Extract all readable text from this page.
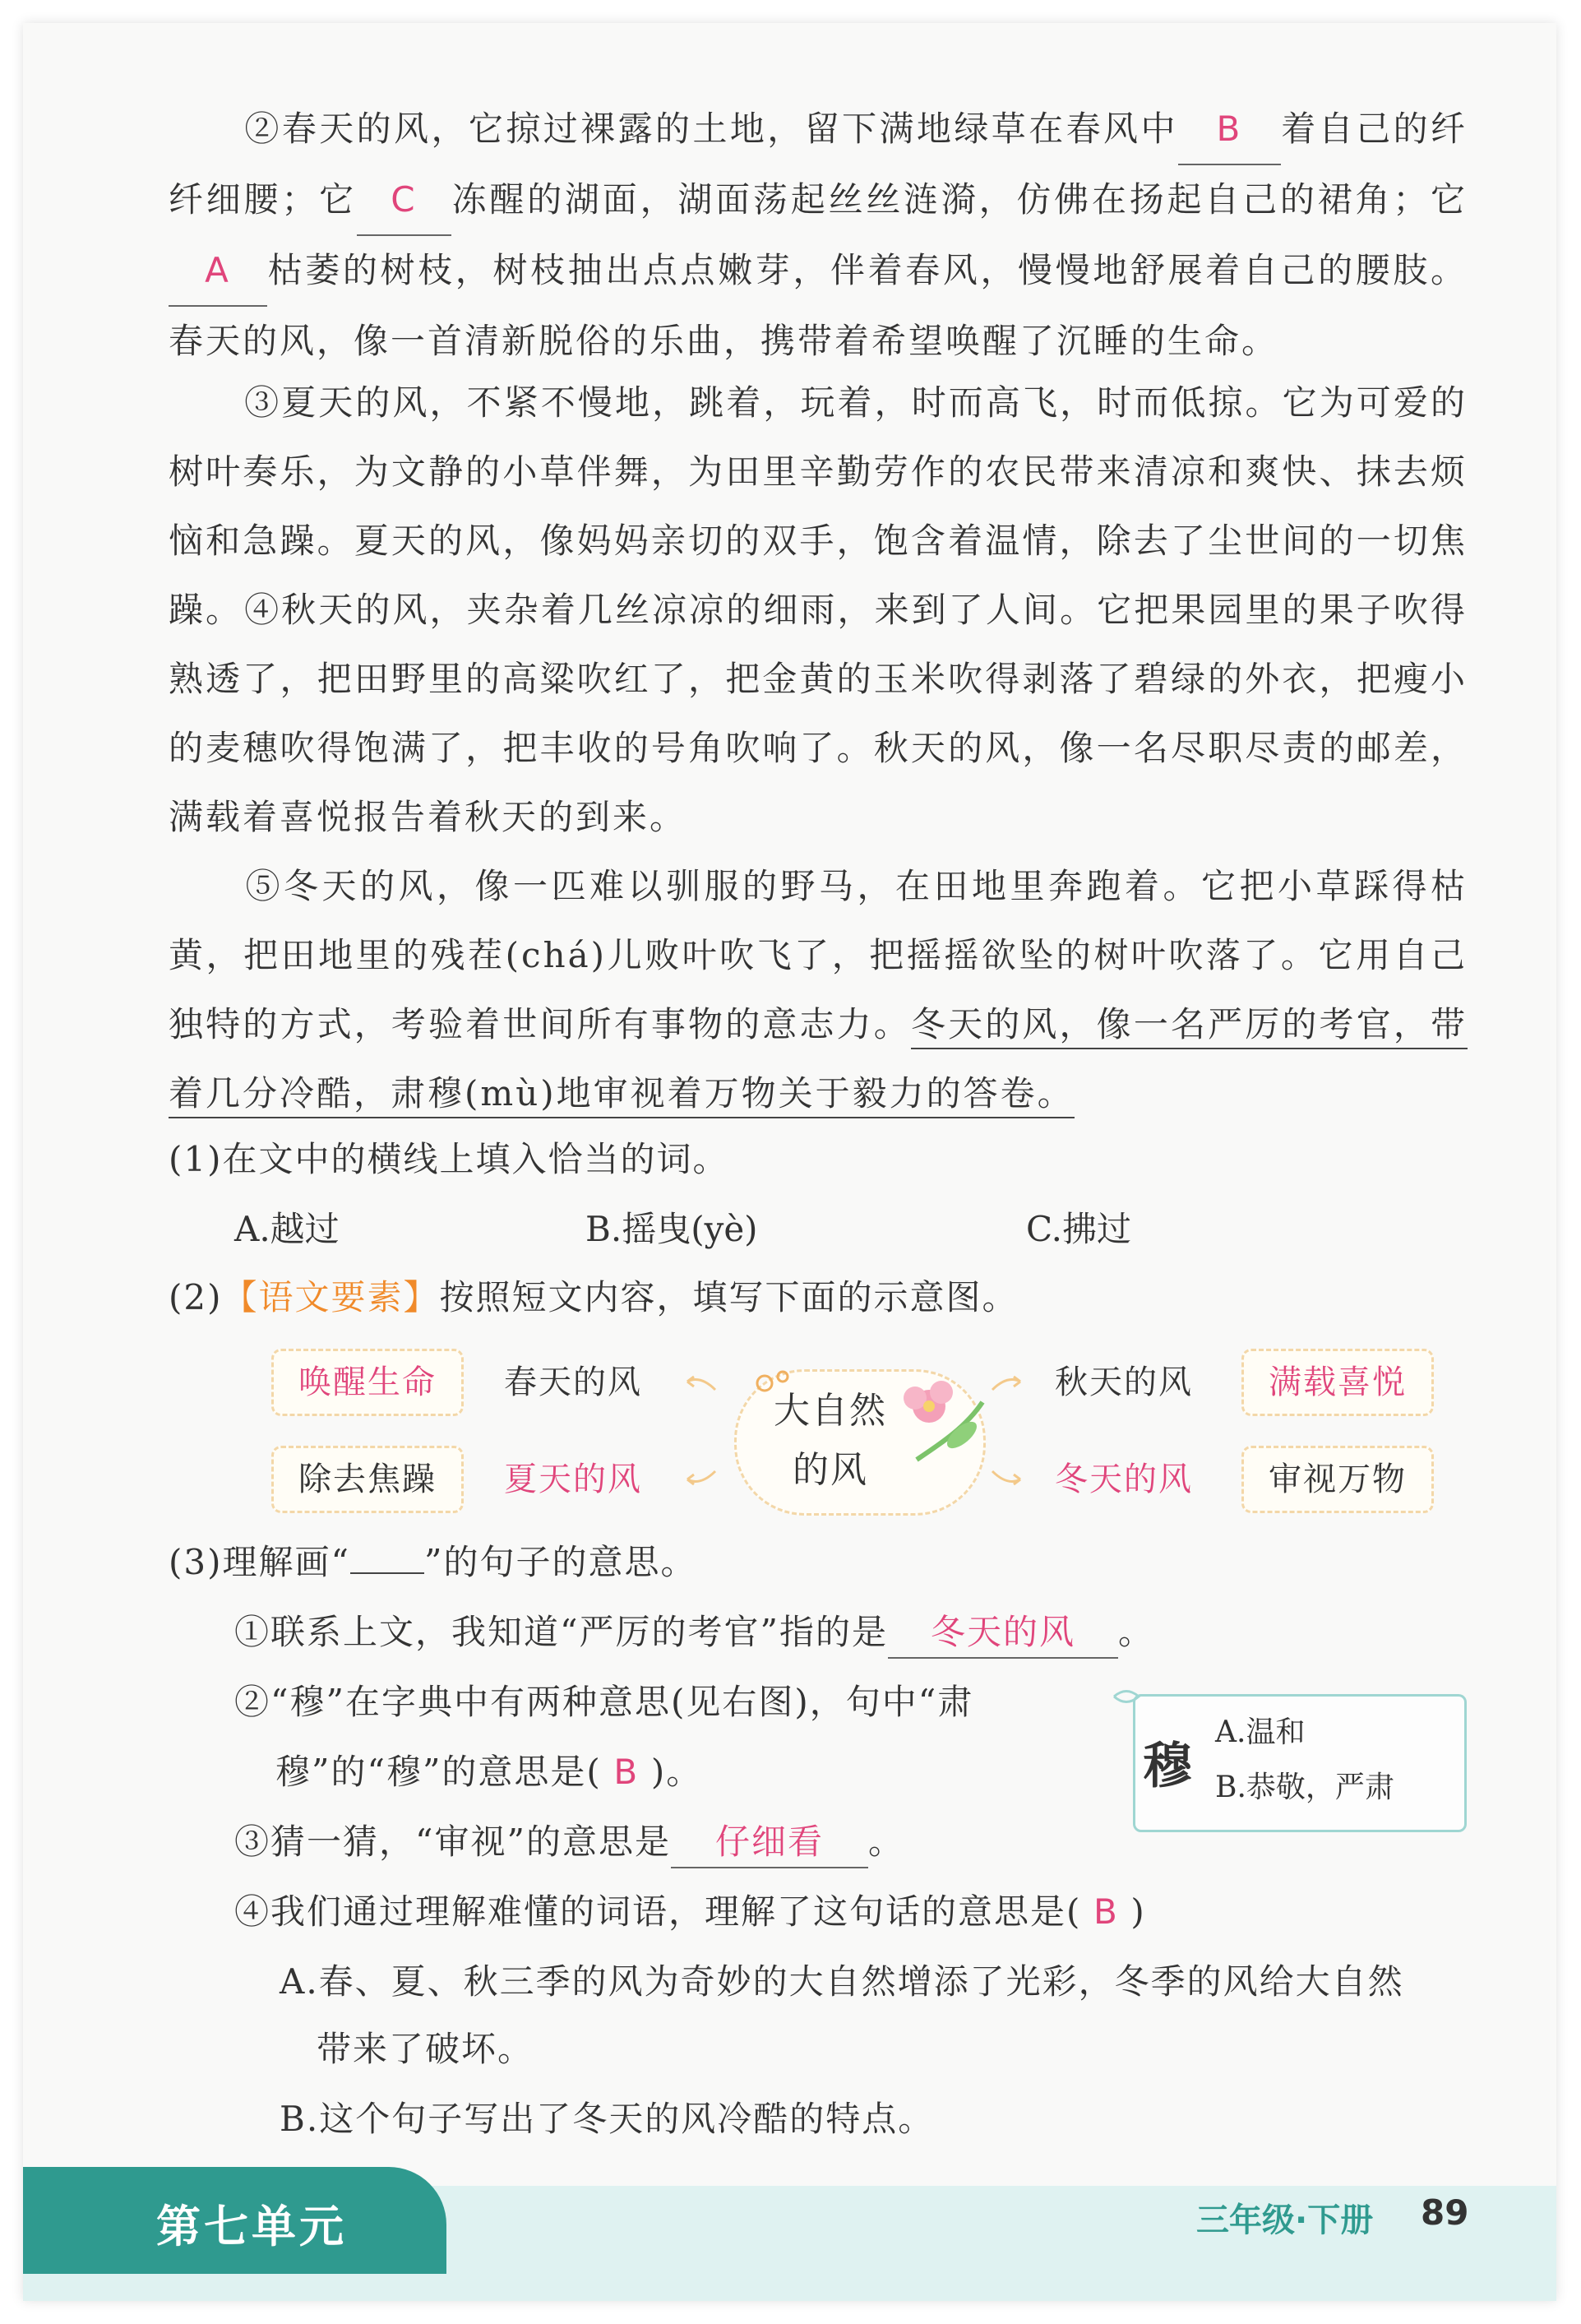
②春天的风，它掠过裸露的土地，留下满地绿草在春风中 B 着自己的纤纤细腰；它 C 冻醒的湖面，湖面荡起丝丝涟漪，仿佛在扬起自己的裙角；它A 枯萎的树枝，树枝抽出点点嫩芽，伴着春风，慢慢地舒展着自己的腰肢。春天的风，像一首清新脱俗的乐曲，携带着希望唤醒了沉睡的生命。

③夏天的风，不紧不慢地，跳着，玩着，时而高飞，时而低掠。它为可爱的树叶奏乐，为文静的小草伴舞，为田里辛勤劳作的农民带来清凉和爽快、抹去烦恼和急躁。夏天的风，像妈妈亲切的双手，饱含着温情，除去了尘世间的一切焦躁。 ④秋天的风，夹杂着几丝凉凉的细雨，来到了人间。它把果园里的果子吹得熟透了，把田野里的高粱吹红了，把金黄的玉米吹得剥落了碧绿的外衣，把瘦小的麦穗吹得饱满了，把丰收的号角吹响了。秋天的风，像一名尽职尽责的邮差，满载着喜悦报告着秋天的到来。

⑤冬天的风，像一匹难以驯服的野马，在田地里奔跑着。它把小草踩得枯黄，把田地里的残茬(chá)儿败叶吹飞了，把摇摇欲坠的树叶吹落了。它用自己独特的方式，考验着世间所有事物的意志力。冬天的风，像一名严厉的考官，带着几分冷酷，肃穆(mù)地审视着万物关于毅力的答卷。

(1)在文中的横线上填入恰当的词。
A.越过	B.摇曳(yè)	C.拂过
(2)【语文要素】按照短文内容，填写下面的示意图。
唤醒生命	春天的风
除去焦躁	夏天的风
秋天的风	满载喜悦
冬天的风	审视万物
大自然
的风
(3)理解画“ ”的句子的意思。
①联系上文，我知道“严厉的考官”指的是 冬天的风 。
②“穆”在字典中有两种意思(见右图)，句中“肃
穆”的“穆”的意思是( B )。	穆
A.温和
B.恭敬，严肃
③猜一猜，“审视”的意思是 仔细看 。
④我们通过理解难懂的词语，理解了这句话的意思是( B )
A.春、夏、秋三季的风为奇妙的大自然增添了光彩，冬季的风给大自然
带来了破坏。
B.这个句子写出了冬天的风冷酷的特点。
第七单元	三年级·下册 89
